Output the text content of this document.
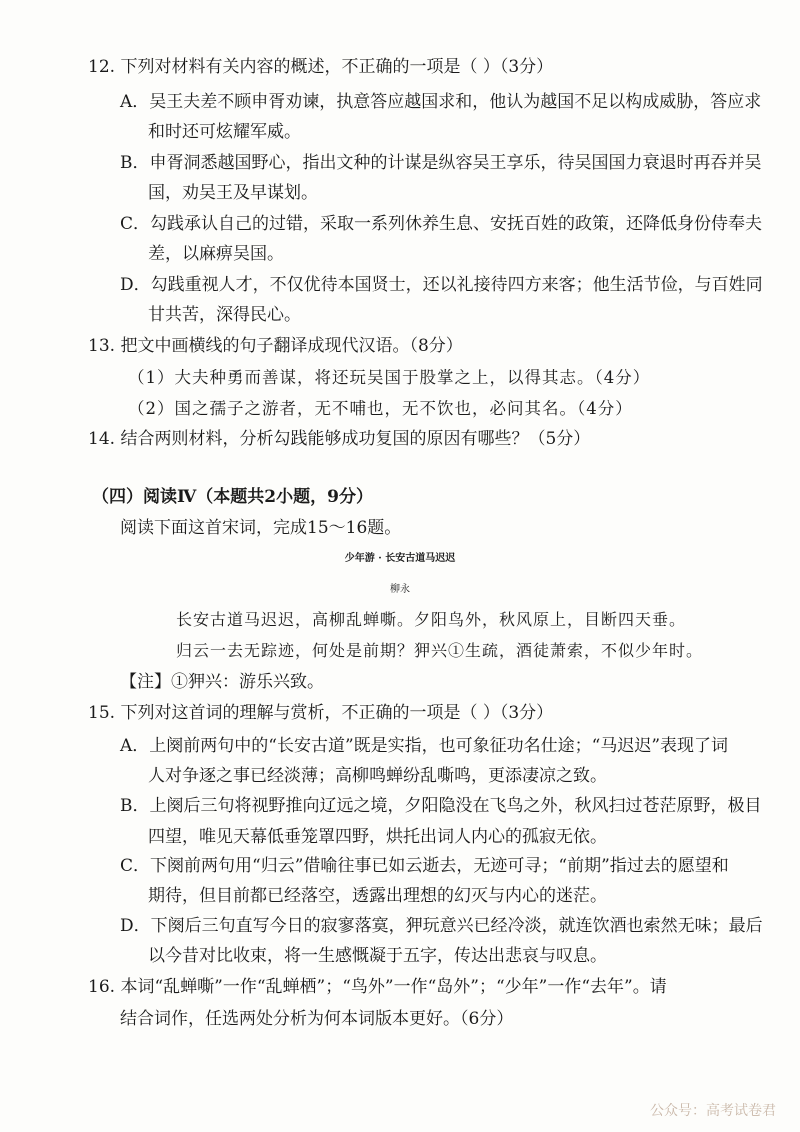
12. 下列对材料有关内容的概述，不正确的一项是（ ）（3分）
A．吴王夫差不顾申胥劝谏，执意答应越国求和，他认为越国不足以构成威胁，答应求
和时还可炫耀军威。
B．申胥洞悉越国野心，指出文种的计谋是纵容吴王享乐，待吴国国力衰退时再吞并吴
国，劝吴王及早谋划。
C．勾践承认自己的过错，采取一系列休养生息、安抚百姓的政策，还降低身份侍奉夫
差，以麻痹吴国。
D．勾践重视人才，不仅优待本国贤士，还以礼接待四方来客；他生活节俭，与百姓同
甘共苦，深得民心。
13. 把文中画横线的句子翻译成现代汉语。（8分）
（1）大夫种勇而善谋，将还玩吴国于股掌之上，以得其志。（4分）
（2）国之孺子之游者，无不哺也，无不饮也，必问其名。（4分）
14. 结合两则材料，分析勾践能够成功复国的原因有哪些？（5分）
（四）阅读Ⅳ（本题共2小题，9分）
阅读下面这首宋词，完成15～16题。
少年游 · 长安古道马迟迟
柳永
长安古道马迟迟，高柳乱蝉嘶。夕阳鸟外，秋风原上，目断四天垂。
归云一去无踪迹，何处是前期？狎兴①生疏，酒徒萧索，不似少年时。
【注】①狎兴：游乐兴致。
15. 下列对这首词的理解与赏析，不正确的一项是（ ）（3分）
A．上阕前两句中的“长安古道”既是实指，也可象征功名仕途；“马迟迟”表现了词
人对争逐之事已经淡薄；高柳鸣蝉纷乱嘶鸣，更添凄凉之致。
B．上阕后三句将视野推向辽远之境，夕阳隐没在飞鸟之外，秋风扫过苍茫原野，极目
四望，唯见天幕低垂笼罩四野，烘托出词人内心的孤寂无依。
C．下阕前两句用“归云”借喻往事已如云逝去，无迹可寻；“前期”指过去的愿望和
期待，但目前都已经落空，透露出理想的幻灭与内心的迷茫。
D．下阕后三句直写今日的寂寥落寞，狎玩意兴已经冷淡，就连饮酒也索然无味；最后
以今昔对比收束，将一生感慨凝于五字，传达出悲哀与叹息。
16. 本词“乱蝉嘶”一作“乱蝉栖”；“鸟外”一作“岛外”；“少年”一作“去年”。请
结合词作，任选两处分析为何本词版本更好。（6分）
公众号：高考试卷君
